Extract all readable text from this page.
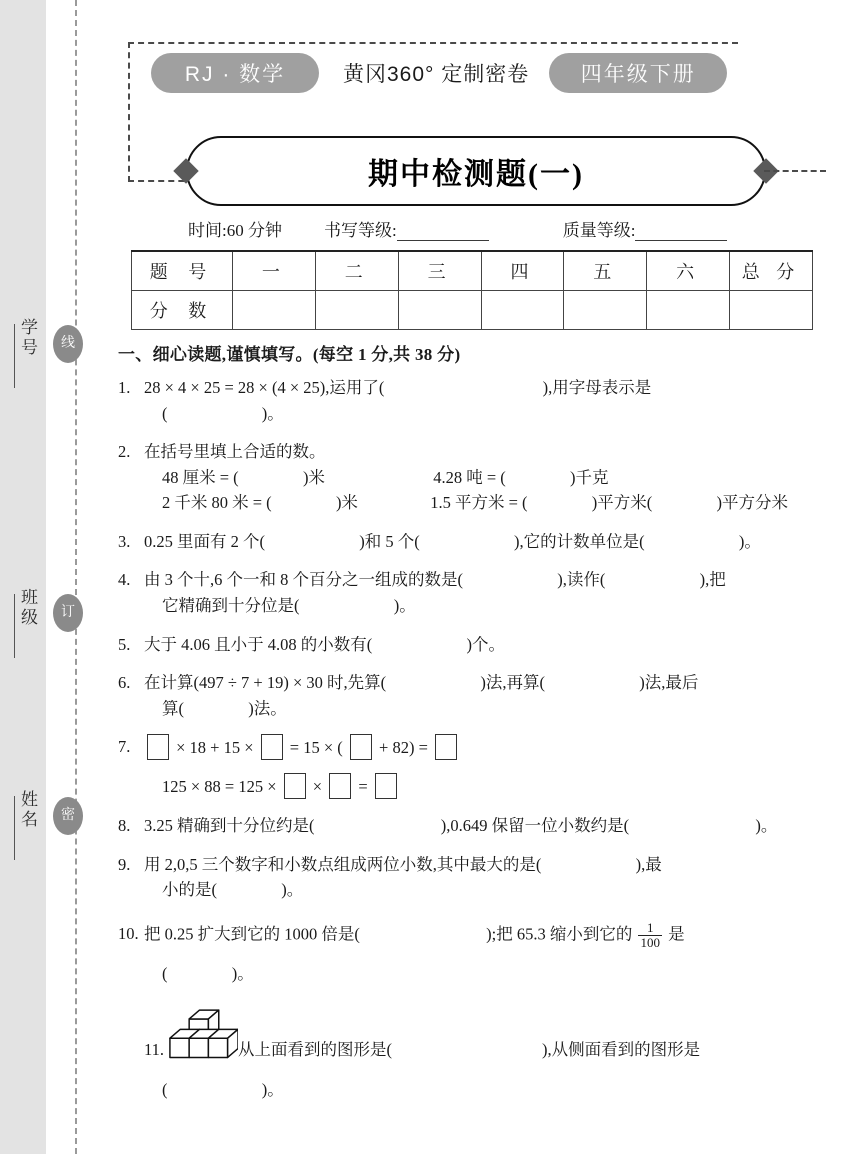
学号
班级
姓名
线
订
密
RJ · 数学	黄冈360° 定制密卷	四年级下册
期中检测题(一)
时间:60 分钟 书写等级:	质量等级:
题 号	一	二	三	四	五	六	总 分
分 数							
一、细心读题,谨慎填写。(每空 1 分,共 38 分)
1. 28 × 4 × 25 = 28 × (4 × 25),运用了(	),用字母表示是
(	)。
2. 在括号里填上合适的数。
48 厘米 = (	)米	4.28 吨 = (	)千克
2 千米 80 米 = (	)米	1.5 平方米 = (	)平方米(	)平方分米
3. 0.25 里面有 2 个(	)和 5 个(	),它的计数单位是(	)。
4. 由 3 个十,6 个一和 8 个百分之一组成的数是(	),读作(	),把
它精确到十分位是(	)。
5. 大于 4.06 且小于 4.08 的小数有(	)个。
6. 在计算(497 ÷ 7 + 19) × 30 时,先算(	)法,再算(	)法,最后
算(	)法。
7.	× 18 + 15 × = 15 × ( + 82) =
125 × 88 = 125 × × =
8. 3.25 精确到十分位约是(	),0.649 保留一位小数约是(	)。
9. 用 2,0,5 三个数字和小数点组成两位小数,其中最大的是(	),最
小的是(	)。
10. 把 0.25 扩大到它的 1000 倍是(	);把 65.3 缩小到它的 $\frac{1}{100}$ 是
(	)。
11.	从上面看到的图形是(	),从侧面看到的图形是
(	)。
